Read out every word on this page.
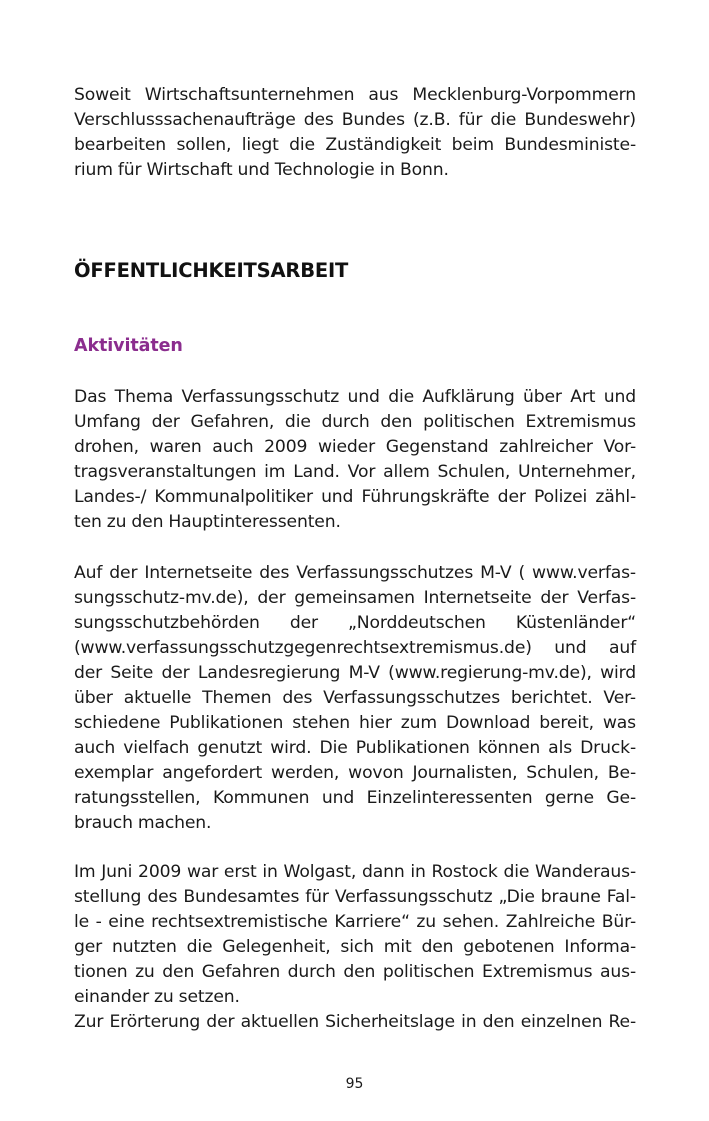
Soweit Wirtschaftsunternehmen aus Mecklenburg-Vorpommern
Verschlusssachenaufträge des Bundes (z.B. für die Bundeswehr)
bearbeiten sollen, liegt die Zuständigkeit beim Bundesministe-
rium für Wirtschaft und Technologie in Bonn.

ÖFFENTLICHKEITSARBEIT
Aktivitäten

Das Thema Verfassungsschutz und die Aufklärung über Art und
Umfang der Gefahren, die durch den politischen Extremismus
drohen, waren auch 2009 wieder Gegenstand zahlreicher Vor-
tragsveranstaltungen im Land. Vor allem Schulen, Unternehmer,
Landes-/ Kommunalpolitiker und Führungskräfte der Polizei zähl-
ten zu den Hauptinteressenten.

Auf der Internetseite des Verfassungsschutzes M-V ( www.verfas-
sungsschutz-mv.de), der gemeinsamen Internetseite der Verfas-
sungsschutzbehörden der „Norddeutschen Küstenländer“
(www.verfassungsschutzgegenrechtsextremismus.de) und auf
der Seite der Landesregierung M-V (www.regierung-mv.de), wird
über aktuelle Themen des Verfassungsschutzes berichtet. Ver-
schiedene Publikationen stehen hier zum Download bereit, was
auch vielfach genutzt wird. Die Publikationen können als Druck-
exemplar angefordert werden, wovon Journalisten, Schulen, Be-
ratungsstellen, Kommunen und Einzelinteressenten gerne Ge-
brauch machen.

Im Juni 2009 war erst in Wolgast, dann in Rostock die Wanderaus-
stellung des Bundesamtes für Verfassungsschutz „Die braune Fal-
le - eine rechtsextremistische Karriere“ zu sehen. Zahlreiche Bür-
ger nutzten die Gelegenheit, sich mit den gebotenen Informa-
tionen zu den Gefahren durch den politischen Extremismus aus-
einander zu setzen.

Zur Erörterung der aktuellen Sicherheitslage in den einzelnen Re-

95
